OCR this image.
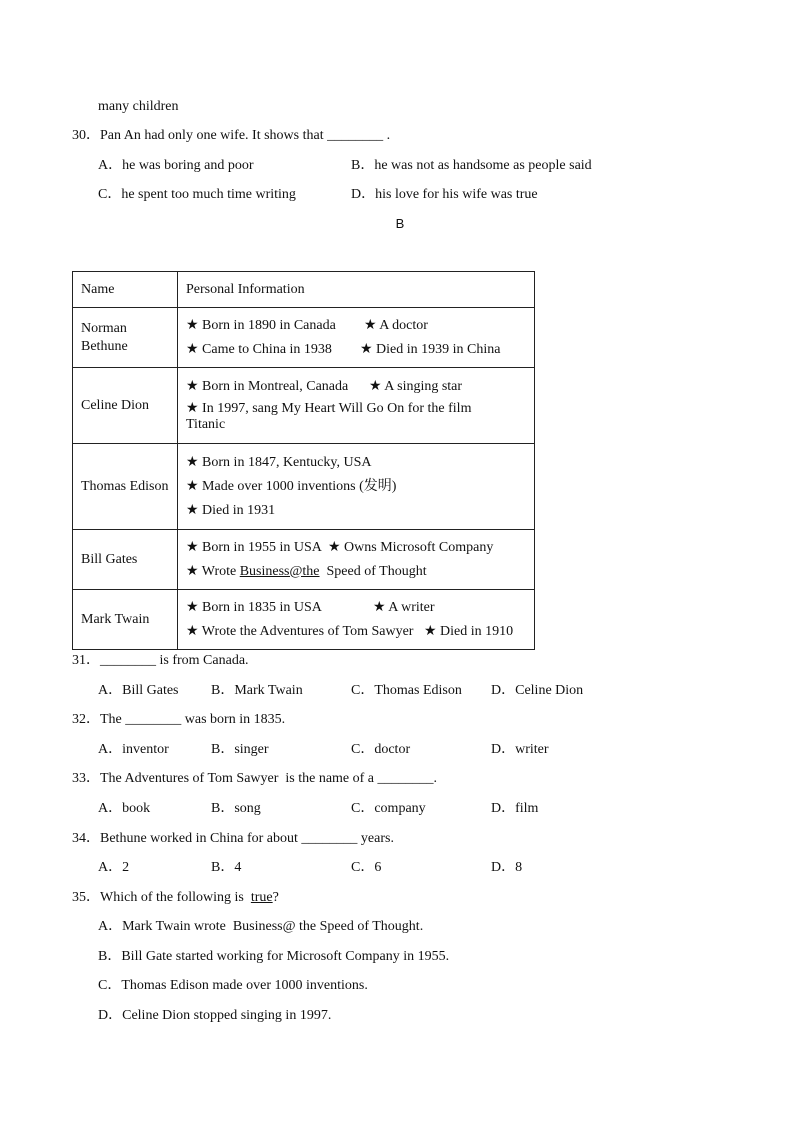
many children
30．Pan An had only one wife. It shows that ________ .
A．he was boring and poor	B．he was not as handsome as people said
C．he spent too much time writing	D．his love for his wife was true
B
Name	Personal Information
Norman Bethune	★ Born in 1890 in Canada ★ A doctor
★ Came to China in 1938 ★ Died in 1939 in China

Celine Dion	★ Born in Montreal, Canada ★ A singing star
★ In 1997, sang My Heart Will Go On for the film
Titanic

Thomas Edison	★ Born in 1847, Kentucky, USA
★ Made over 1000 inventions (发明)
★ Died in 1931

Bill Gates	★ Born in 1955 in USA ★ Owns Microsoft Company
★ Wrote Business@the  Speed of Thought

Mark Twain	★ Born in 1835 in USA ★ A writer
★ Wrote the Adventures of Tom Sawyer ★ Died in 1910
31．________ is from Canada.
A．Bill Gates B．Mark Twain	C．Thomas Edison D．Celine Dion
32．The ________ was born in 1835.
A．inventor	B．singer	C．doctor	D．writer
33．The Adventures of Tom Sawyer  is the name of a ________.
A．book	B．song	C．company	D．film
34．Bethune worked in China for about ________ years.
A．2	B．4	C．6	D．8
35．Which of the following is  true?
A．Mark Twain wrote  Business@ the Speed of Thought.
B．Bill Gate started working for Microsoft Company in 1955.
C．Thomas Edison made over 1000 inventions.
D．Celine Dion stopped singing in 1997.
